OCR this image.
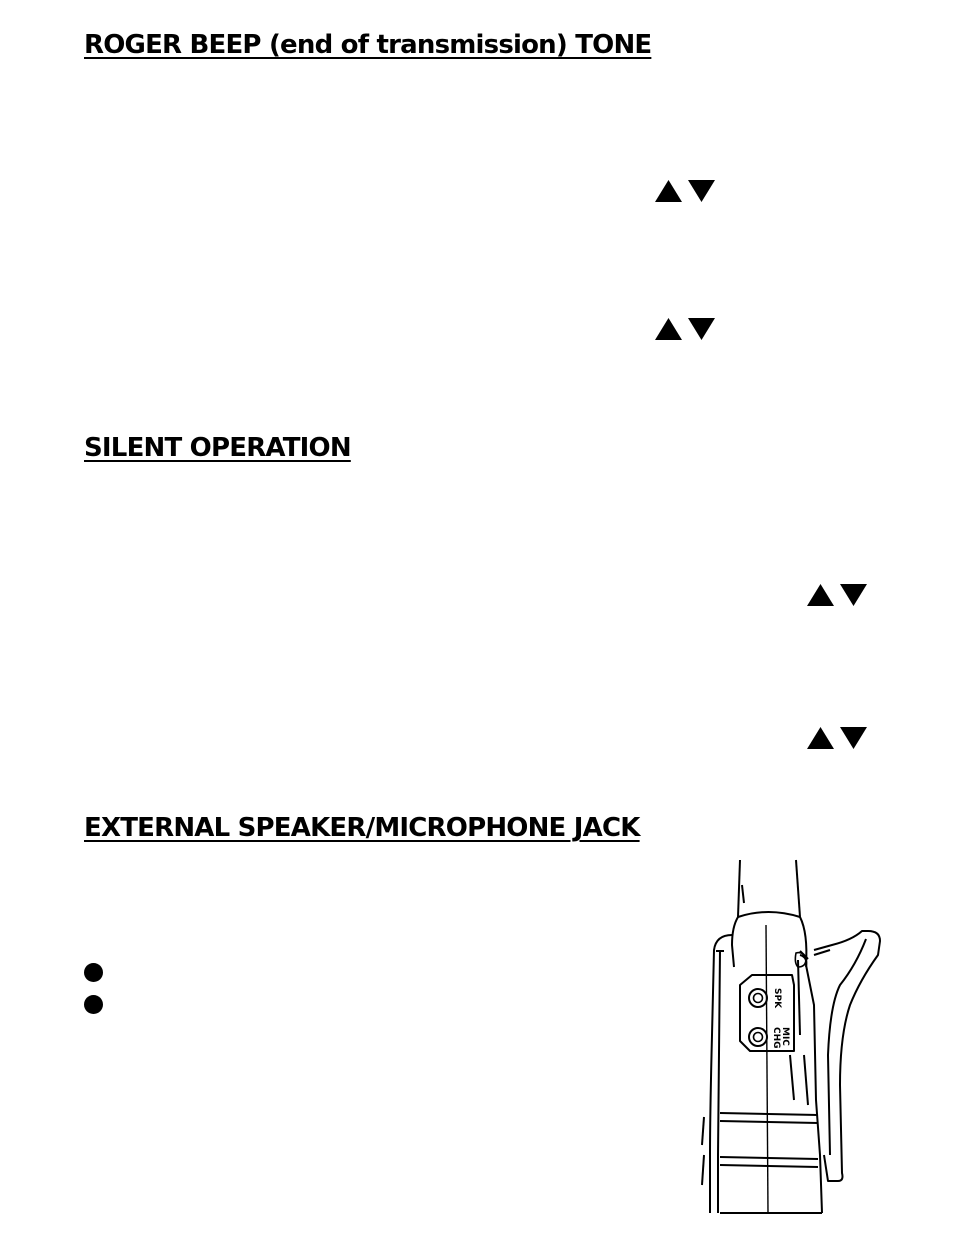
ROGER BEEP (end of transmission) TONE
SILENT OPERATION
EXTERNAL SPEAKER/MICROPHONE JACK
SPK
MIC
CHG
